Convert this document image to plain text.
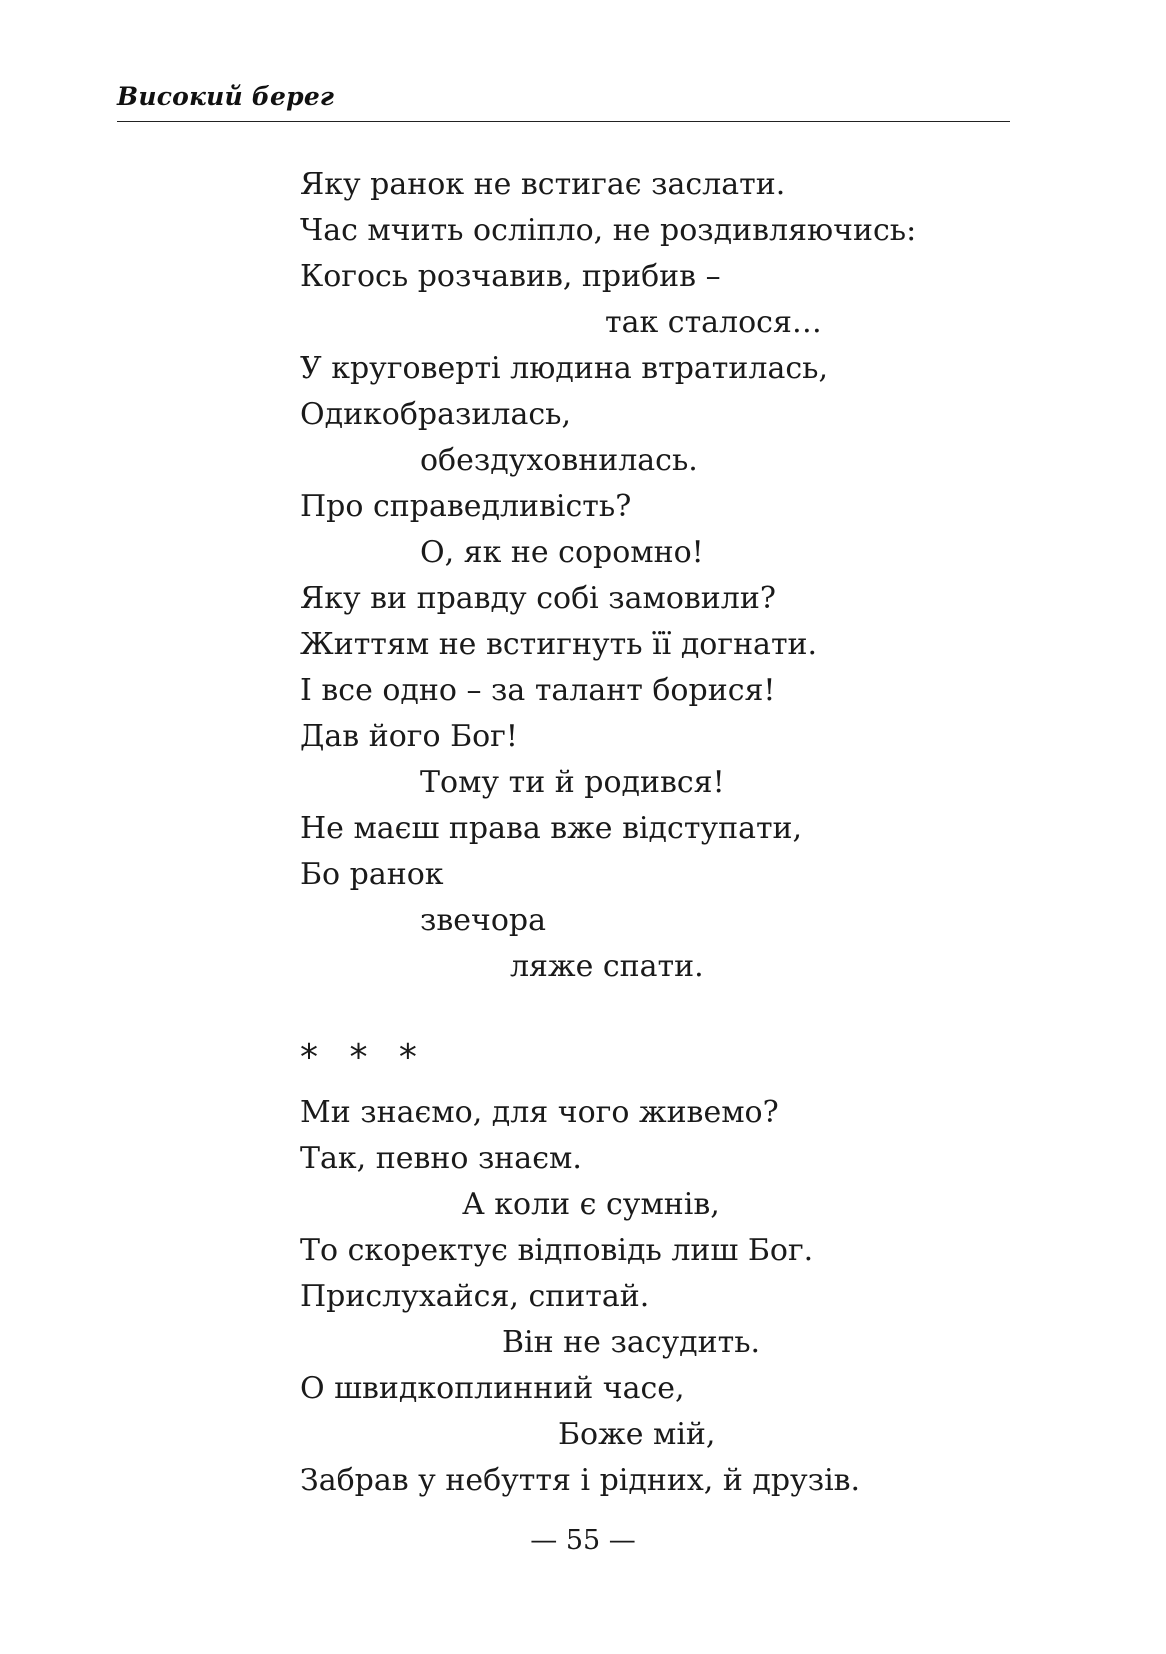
Високий берег
Яку ранок не встигає заслати.
Час мчить осліпло, не роздивляючись:
Когось розчавив, прибив –
так сталося…
У круговерті людина втратилась,
Одикобразилась,
обездуховнилась.
Про справедливість?
О, як не соромно!
Яку ви правду собі замовили?
Життям не встигнуть її догнати.
І все одно – за талант борися!
Дав його Бог!
Тому ти й родився!
Не маєш права вже відступати,
Бо ранок
звечора
ляже спати.
* * *
Ми знаємо, для чого живемо?
Так, певно знаєм.
А коли є сумнів,
То скоректує відповідь лиш Бог.
Прислухайся, спитай.
Він не засудить.
О швидкоплинний часе,
Боже мій,
Забрав у небуття і рідних, й друзів.
— 55 —
